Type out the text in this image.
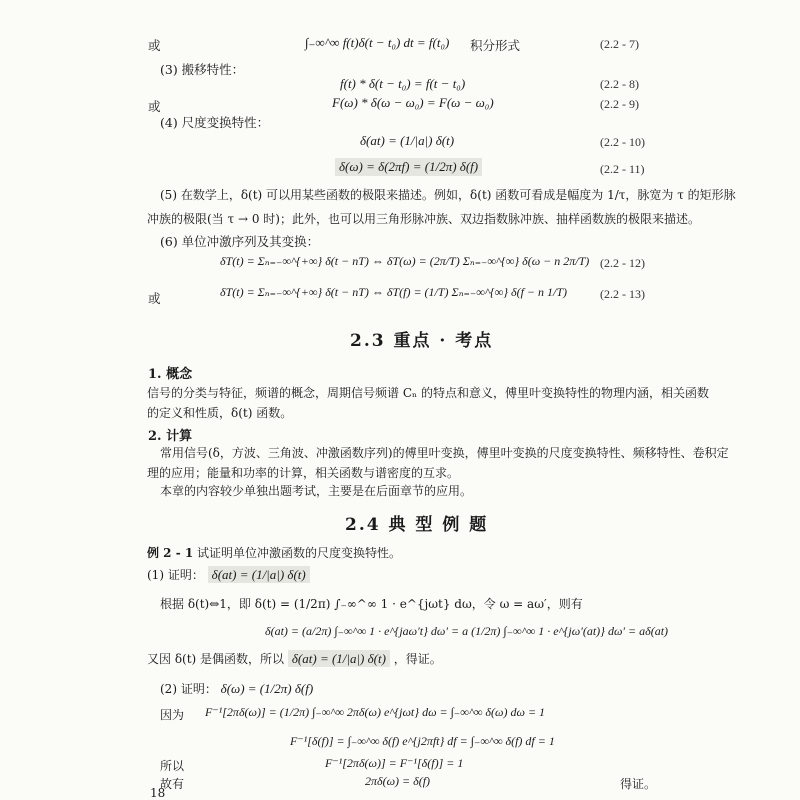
或	∫₋∞^∞ f(t)δ(t − t₀) dt = f(t₀) 积分形式	(2.2 - 7)
(3) 搬移特性：
f(t) * δ(t − t₀) = f(t − t₀)	(2.2 - 8)
或	F(ω) * δ(ω − ω₀) = F(ω − ω₀)	(2.2 - 9)
(4) 尺度变换特性：
δ(at) = (1/|a|) δ(t)	(2.2 - 10)
δ(ω) = δ(2πf) = (1/2π) δ(f)	(2.2 - 11)
(5) 在数学上，δ(t) 可以用某些函数的极限来描述。例如，δ(t) 函数可看成是幅度为 1/τ，脉宽为 τ 的矩形脉
冲族的极限(当 τ → 0 时)；此外，也可以用三角形脉冲族、双边指数脉冲族、抽样函数族的极限来描述。
(6) 单位冲激序列及其变换：
δT(t) = Σₙ₌₋∞^{+∞} δ(t − nT) ⇔ δT(ω) = (2π/T) Σₙ₌₋∞^{∞} δ(ω − n 2π/T) (2.2 - 12)
或	δT(t) = Σₙ₌₋∞^{+∞} δ(t − nT) ⇔ δT(f) = (1/T) Σₙ₌₋∞^{∞} δ(f − n 1/T)	(2.2 - 13)
2.3 重点 · 考点
1. 概念
信号的分类与特征，频谱的概念，周期信号频谱 Cₙ 的特点和意义，傅里叶变换特性的物理内涵，相关函数
的定义和性质，δ(t) 函数。
2. 计算
常用信号(δ，方波、三角波、冲激函数序列)的傅里叶变换，傅里叶变换的尺度变换特性、频移特性、卷积定
理的应用；能量和功率的计算，相关函数与谱密度的互求。
本章的内容较少单独出题考试，主要是在后面章节的应用。
2.4 典 型 例 题
例 2 - 1 试证明单位冲激函数的尺度变换特性。
(1) 证明： δ(at) = (1/|a|) δ(t)
根据 δ(t)⇔1，即 δ(t) = (1/2π) ∫₋∞^∞ 1 · e^{jωt} dω，令 ω = aω′，则有
δ(at) = (a/2π) ∫₋∞^∞ 1 · e^{jaω′t} dω′ = a (1/2π) ∫₋∞^∞ 1 · e^{jω′(at)} dω′ = aδ(at)
又因 δ(t) 是偶函数，所以 δ(at) = (1/|a|) δ(t) ，得证。
(2) 证明： δ(ω) = (1/2π) δ(f)
因为 F⁻¹[2πδ(ω)] = (1/2π) ∫₋∞^∞ 2πδ(ω) e^{jωt} dω = ∫₋∞^∞ δ(ω) dω = 1
F⁻¹[δ(f)] = ∫₋∞^∞ δ(f) e^{j2πft} df = ∫₋∞^∞ δ(f) df = 1
所以	F⁻¹[2πδ(ω)] = F⁻¹[δ(f)] = 1
故有	2πδ(ω) = δ(f)	得证。
18
